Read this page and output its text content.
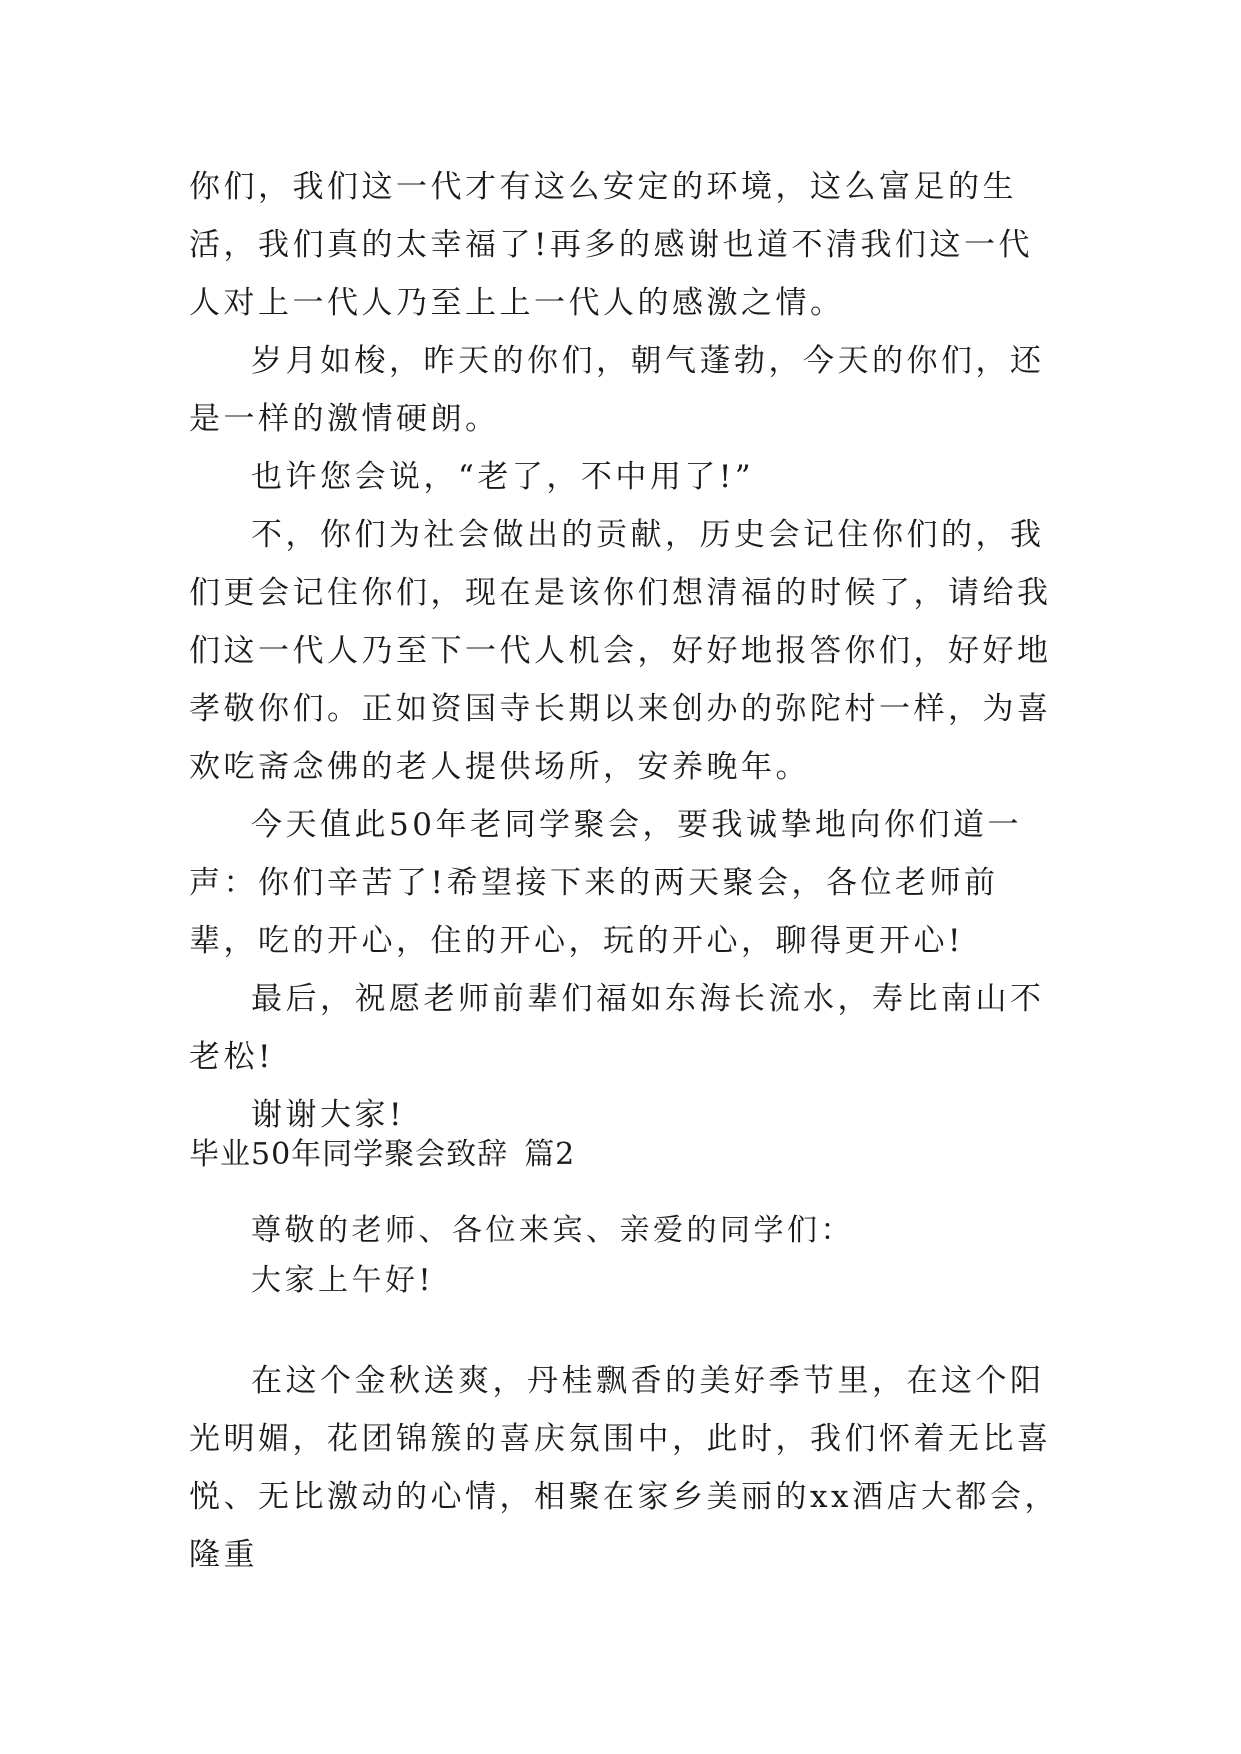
你们，我们这一代才有这么安定的环境，这么富足的生活，我们真的太幸福了!再多的感谢也道不清我们这一代人对上一代人乃至上上一代人的感激之情。

岁月如梭，昨天的你们，朝气蓬勃，今天的你们，还是一样的激情硬朗。

也许您会说，“老了，不中用了!”

不，你们为社会做出的贡献，历史会记住你们的，我们更会记住你们，现在是该你们想清福的时候了，请给我们这一代人乃至下一代人机会，好好地报答你们，好好地孝敬你们。正如资国寺长期以来创办的弥陀村一样，为喜欢吃斋念佛的老人提供场所，安养晚年。

今天值此50年老同学聚会，要我诚挚地向你们道一声：你们辛苦了!希望接下来的两天聚会，各位老师前辈，吃的开心，住的开心，玩的开心，聊得更开心!

最后，祝愿老师前辈们福如东海长流水，寿比南山不老松!

谢谢大家!

毕业50年同学聚会致辞 篇2

尊敬的老师、各位来宾、亲爱的同学们：

大家上午好!

在这个金秋送爽，丹桂飘香的美好季节里，在这个阳光明媚，花团锦簇的喜庆氛围中，此时，我们怀着无比喜悦、无比激动的心情，相聚在家乡美丽的xx酒店大都会，隆重
